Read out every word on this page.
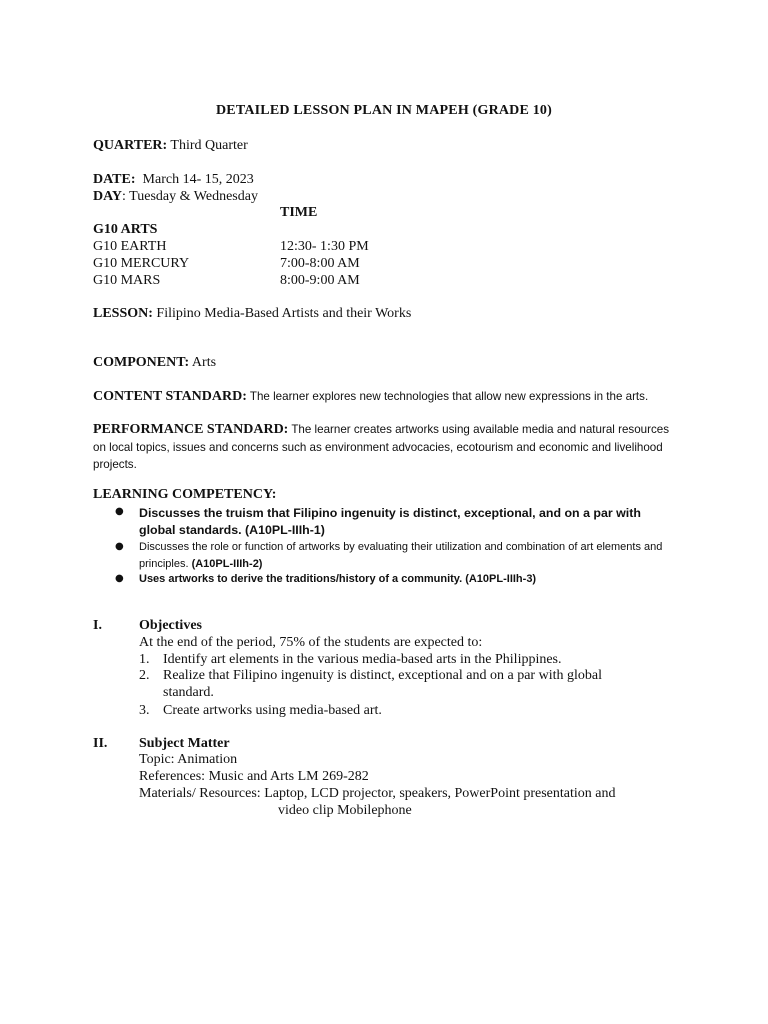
DETAILED LESSON PLAN IN MAPEH (GRADE 10)
QUARTER: Third Quarter
DATE:  March 14- 15, 2023
DAY: Tuesday & Wednesday
TIME
G10 ARTS
G10 EARTH	12:30- 1:30 PM
G10 MERCURY	7:00-8:00 AM
G10 MARS	8:00-9:00 AM
LESSON: Filipino Media-Based Artists and their Works
COMPONENT: Arts
CONTENT STANDARD: The learner explores new technologies that allow new expressions in the arts.
PERFORMANCE STANDARD: The learner creates artworks using available media and natural resources on local topics, issues and concerns such as environment advocacies, ecotourism and economic and livelihood projects.
LEARNING COMPETENCY:
● Discusses the truism that Filipino ingenuity is distinct, exceptional, and on a par with global standards. (A10PL-IIIh-1)
● Discusses the role or function of artworks by evaluating their utilization and combination of art elements and principles. (A10PL-IIIh-2)
● Uses artworks to derive the traditions/history of a community. (A10PL-IIIh-3)
I.	Objectives
At the end of the period, 75% of the students are expected to:
1. Identify art elements in the various media-based arts in the Philippines.
2. Realize that Filipino ingenuity is distinct, exceptional and on a par with global standard.
3. Create artworks using media-based art.
II. Subject Matter
Topic: Animation
References: Music and Arts LM 269-282
Materials/ Resources: Laptop, LCD projector, speakers, PowerPoint presentation and
video clip Mobilephone
